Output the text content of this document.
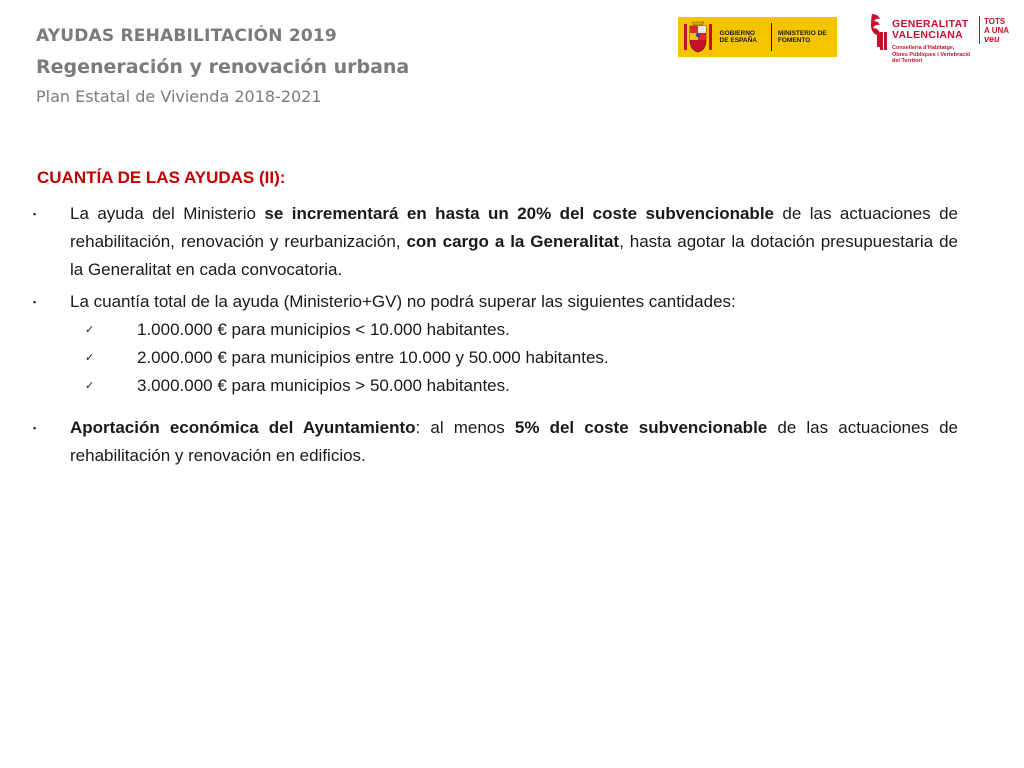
AYUDAS REHABILITACIÓN 2019
Regeneración y renovación urbana
Plan Estatal de Vivienda 2018-2021
GOBIERNO DE ESPAÑA
MINISTERIO DE FOMENTO
GENERALITAT
VALENCIANA
Conselleria d'Habitatge,
Obres Públiques i Vertebració
del Territori
TOTS
A UNA
veu
CUANTÍA DE LAS AYUDAS (II):
▪	La ayuda del Ministerio se incrementará en hasta un 20% del coste subvencionable de las actuaciones de rehabilitación, renovación y reurbanización, con cargo a la Generalitat, hasta agotar la dotación presupuestaria de la Generalitat en cada convocatoria.
▪	La cuantía total de la ayuda (Ministerio+GV) no podrá superar las siguientes cantidades:
✓	1.000.000 € para municipios < 10.000 habitantes.
✓	2.000.000 € para municipios entre 10.000 y 50.000 habitantes.
✓	3.000.000 € para municipios > 50.000 habitantes.
▪	Aportación económica del Ayuntamiento: al menos 5% del coste subvencionable de las actuaciones de rehabilitación y renovación en edificios.
